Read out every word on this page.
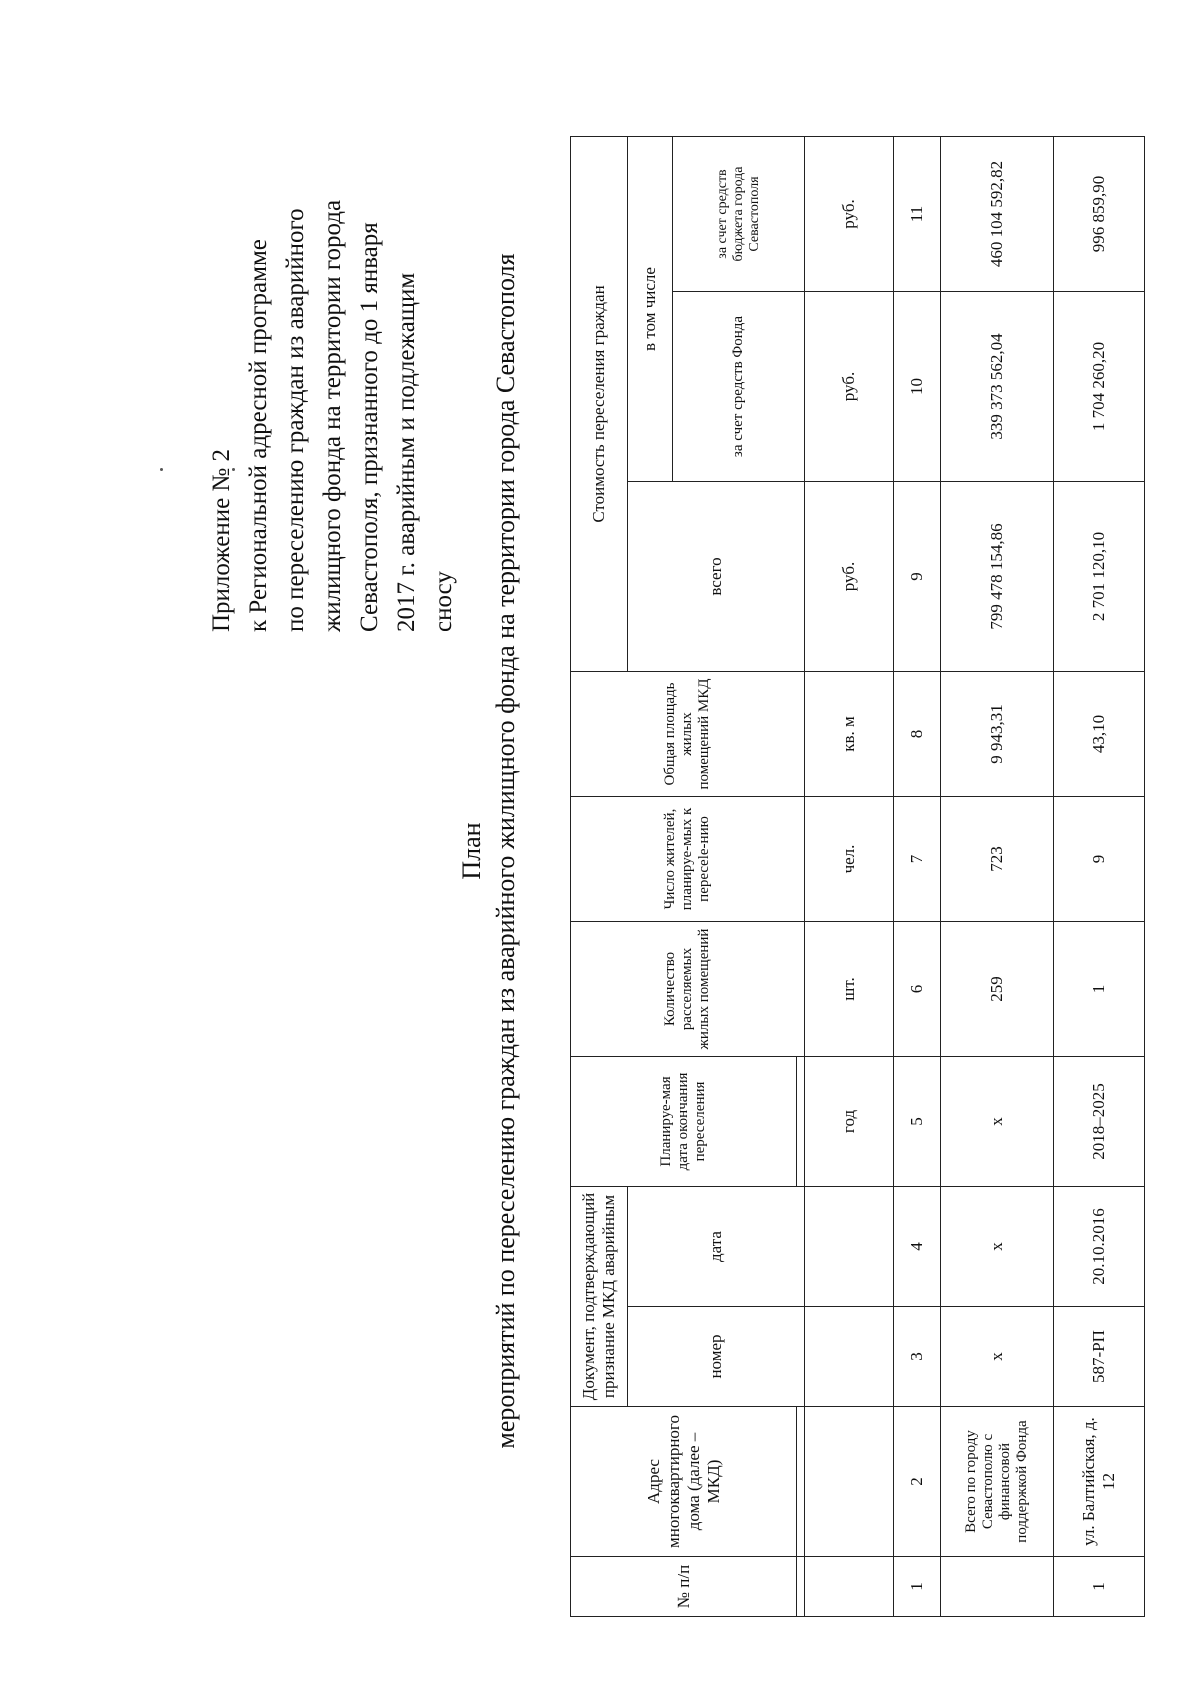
Приложение № 2 к Региональной адресной программе по переселению граждан из аварийного жилищного фонда на территории города Севастополя, признанного до 1 января 2017 г. аварийным и подлежащим сносу
План мероприятий по переселению граждан из аварийного жилищного фонда на территории города Севастополя
№ п/п	Адрес многоквартирного дома (далее – МКД)	Документ, подтверждающий признание МКД аварийным		Планируе-мая дата окончания переселения	Количество расселяемых жилых помещений	Число жителей, планируе-мых к пересele-нию	Общая площадь жилых помещений МКД	Стоимость переселения граждан		
		номер	дата					всего	в том числе	
									за счет средств Фонда	за счет средств бюджета города Севастополя

				год	шт.	чел.	кв. м	руб.	руб.	руб.
1	2	3	4	5	6	7	8	9	10	11
	Всего по городу Севастополю с финансовой поддержкой Фонда	x	x	x	259	723	9 943,31	799 478 154,86	339 373 562,04	460 104 592,82
1	ул. Балтийская, д. 12	587-РП	20.10.2016	2018–2025	1	9	43,10	2 701 120,10	1 704 260,20	996 859,90
